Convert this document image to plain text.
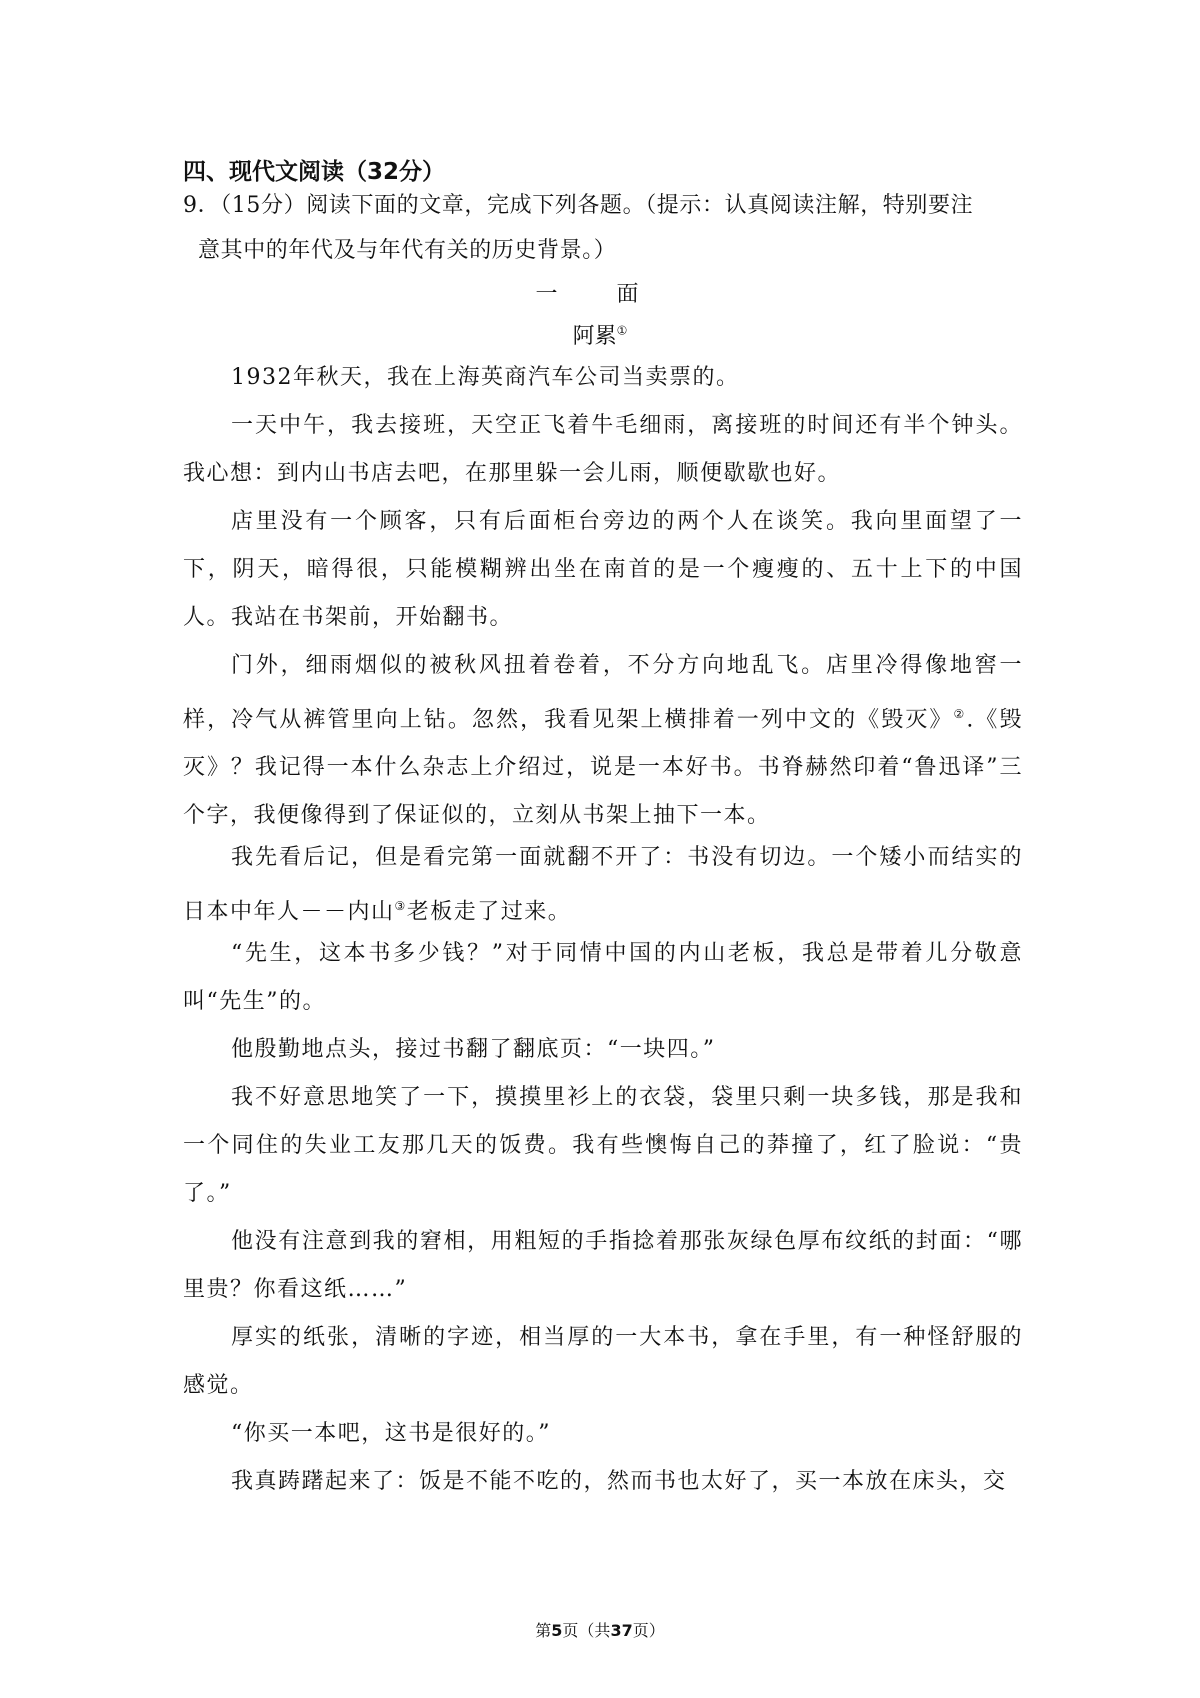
四、现代文阅读（32分）
9．（15分）阅读下面的文章，完成下列各题。（提示：认真阅读注解，特别要注
意其中的年代及与年代有关的历史背景。）
一 面
阿累①
1932年秋天，我在上海英商汽车公司当卖票的。
一天中午，我去接班，天空正飞着牛毛细雨，离接班的时间还有半个钟头。我心想：到内山书店去吧，在那里躲一会儿雨，顺便歇歇也好。
店里没有一个顾客，只有后面柜台旁边的两个人在谈笑。我向里面望了一下，阴天，暗得很，只能模糊辨出坐在南首的是一个瘦瘦的、五十上下的中国人。 我站在书架前，开始翻书。
门外，细雨烟似的被秋风扭着卷着，不分方向地乱飞。店里冷得像地窖一样，冷气从裤管里向上钻。忽然，我看见架上横排着一列中文的《毁灭》②.《毁灭》？我记得一本什么杂志上介绍过，说是一本好书。书脊赫然印着“鲁迅译”三个字，我便像得到了保证似的，立刻从书架上抽下一本。
我先看后记，但是看完第一面就翻不开了：书没有切边。一个矮小而结实的日本中年人－－内山③老板走了过来。
“先生，这本书多少钱？”对于同情中国的内山老板，我总是带着儿分敬意叫“先生”的。
他殷勤地点头，接过书翻了翻底页：“一块四。”
我不好意思地笑了一下，摸摸里衫上的衣袋，袋里只剩一块多钱，那是我和一个同住的失业工友那几天的饭费。我有些懊悔自己的莽撞了，红了脸说：“贵了。”
他没有注意到我的窘相，用粗短的手指捻着那张灰绿色厚布纹纸的封面：“哪里贵？你看这纸……”
厚实的纸张，清晰的字迹，相当厚的一大本书，拿在手里，有一种怪舒服的感觉。
“你买一本吧，这书是很好的。”
我真踌躇起来了：饭是不能不吃的，然而书也太好了，买一本放在床头，交
第5页（共37页）
